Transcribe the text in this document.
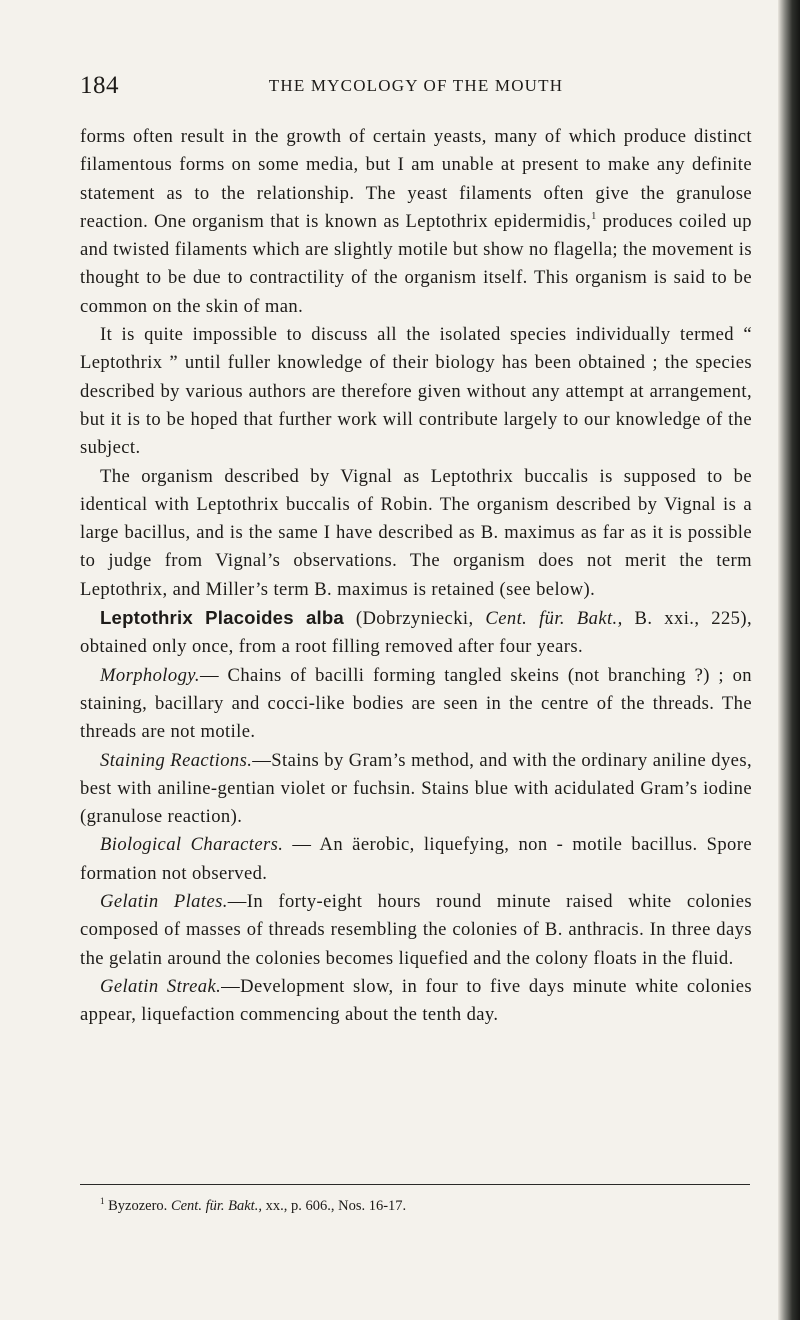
184	THE MYCOLOGY OF THE MOUTH

forms often result in the growth of certain yeasts, many of which produce distinct filamentous forms on some media, but I am unable at present to make any definite statement as to the relationship. The yeast filaments often give the granulose reaction. One organism that is known as Leptothrix epidermidis,$^1$ produces coiled up and twisted filaments which are slightly motile but show no flagella; the movement is thought to be due to contractility of the organism itself. This organism is said to be common on the skin of man.

It is quite impossible to discuss all the isolated species individually termed “ Leptothrix ” until fuller knowledge of their biology has been obtained ; the species described by various authors are therefore given without any attempt at arrangement, but it is to be hoped that further work will contribute largely to our knowledge of the subject.

The organism described by Vignal as Leptothrix buccalis is supposed to be identical with Leptothrix buccalis of Robin. The organism described by Vignal is a large bacillus, and is the same I have described as B. maximus as far as it is possible to judge from Vignal’s observations. The organism does not merit the term Leptothrix, and Miller’s term B. maximus is retained (see below).

Leptothrix Placoides alba (Dobrzyniecki, Cent. für. Bakt., B. xxi., 225), obtained only once, from a root filling removed after four years.

Morphology.— Chains of bacilli forming tangled skeins (not branching ?) ; on staining, bacillary and cocci-like bodies are seen in the centre of the threads. The threads are not motile.

Staining Reactions.—Stains by Gram’s method, and with the ordinary aniline dyes, best with aniline-gentian violet or fuchsin. Stains blue with acidulated Gram’s iodine (granulose reaction).

Biological Characters. — An äerobic, liquefying, non - motile bacillus. Spore formation not observed.

Gelatin Plates.—In forty-eight hours round minute raised white colonies composed of masses of threads resembling the colonies of B. anthracis. In three days the gelatin around the colonies becomes liquefied and the colony floats in the fluid.

Gelatin Streak.—Development slow, in four to five days minute white colonies appear, liquefaction commencing about the tenth day.

$^1$ Byzozero. Cent. für. Bakt., xx., p. 606., Nos. 16-17.
